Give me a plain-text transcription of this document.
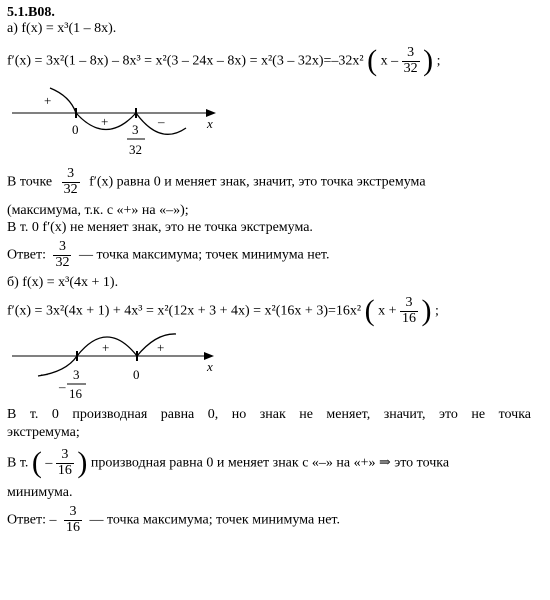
5.1.В08.
а) f(x) = x³(1 – 8x).
f′(x) = 3x²(1 – 8x) – 8x³ = x²(3 – 24x – 8x) = x²(3 – 32x)=–32x² ( x – $\frac{3}{32}$ ) ;
+
+	–
0	3
32
x
В точке $\frac{3}{32} f'(x)$ равна 0 и меняет знак, значит, это точка экстремума
(максимума, т.к. с «+» на «–»);
В т. 0 f′(x) не меняет знак, это не точка экстремума.
Ответ: $\frac{3}{32}$ — точка максимума; точек минимума нет.
б) f(x) = x³(4x + 1).
f′(x) = 3x²(4x + 1) + 4x³ = x²(12x + 3 + 4x) = x²(16x + 3)=16x² ( $x + \frac{3}{16}$ ) ;
–
+	+
0
–
3
16
x
В т. 0 производная равна 0, но знак не меняет, значит, это не точка
экстремума;
В т. ( – $\frac{3}{16}$ ) производная равна 0 и меняет знак с «–» на «+» ⇒ это точка
минимума.
Ответ: – $\frac{3}{16}$ — точка максимума; точек минимума нет.
